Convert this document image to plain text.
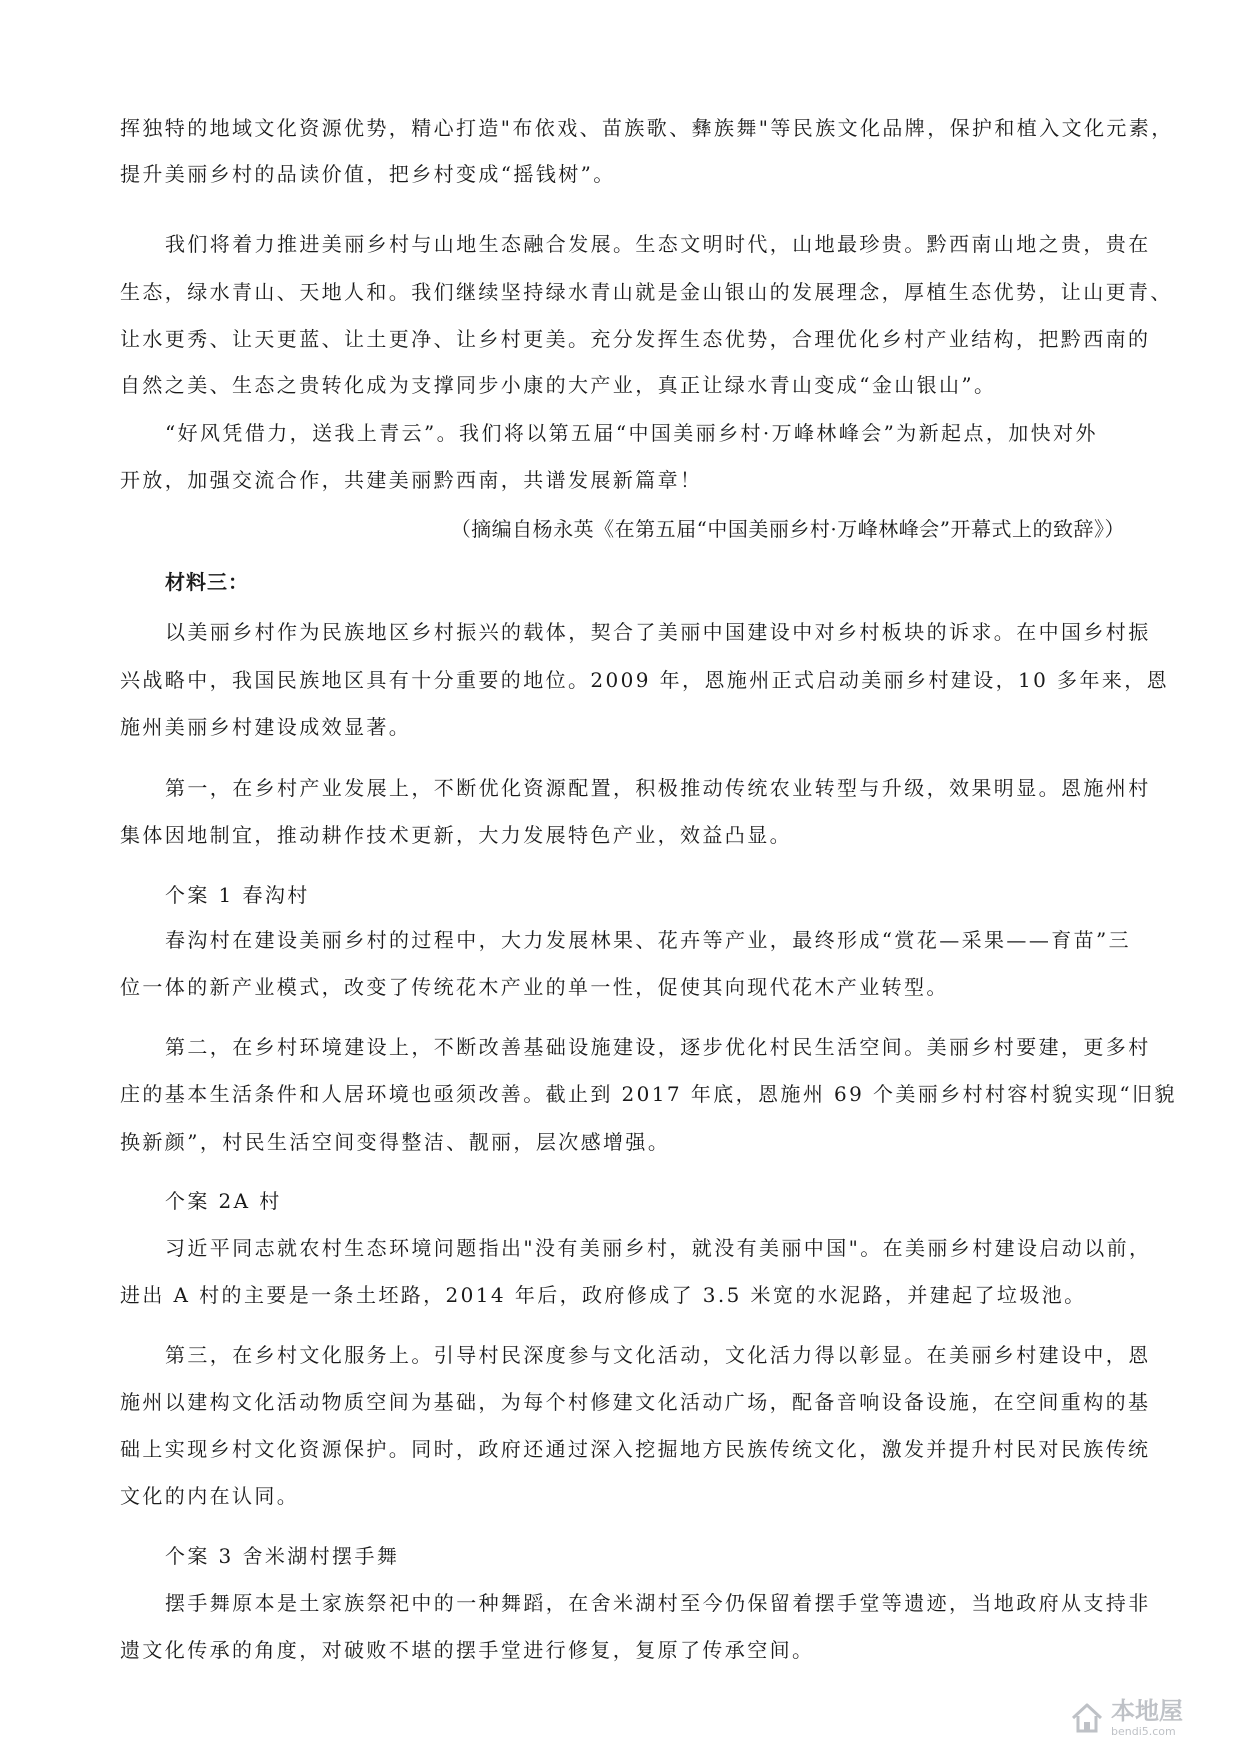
挥独特的地域文化资源优势，精心打造"布依戏、苗族歌、彝族舞"等民族文化品牌，保护和植入文化元素，
提升美丽乡村的品读价值，把乡村变成“摇钱树”。
我们将着力推进美丽乡村与山地生态融合发展。生态文明时代，山地最珍贵。黔西南山地之贵，贵在
生态，绿水青山、天地人和。我们继续坚持绿水青山就是金山银山的发展理念，厚植生态优势，让山更青、
让水更秀、让天更蓝、让土更净、让乡村更美。充分发挥生态优势，合理优化乡村产业结构，把黔西南的
自然之美、生态之贵转化成为支撑同步小康的大产业，真正让绿水青山变成“金山银山”。
“好风凭借力，送我上青云”。我们将以第五届“中国美丽乡村·万峰林峰会”为新起点，加快对外
开放，加强交流合作，共建美丽黔西南，共谱发展新篇章！
（摘编自杨永英《在第五届“中国美丽乡村·万峰林峰会”开幕式上的致辞》）
材料三：
以美丽乡村作为民族地区乡村振兴的载体，契合了美丽中国建设中对乡村板块的诉求。在中国乡村振
兴战略中，我国民族地区具有十分重要的地位。2009 年，恩施州正式启动美丽乡村建设，10 多年来，恩
施州美丽乡村建设成效显著。
第一，在乡村产业发展上，不断优化资源配置，积极推动传统农业转型与升级，效果明显。恩施州村
集体因地制宜，推动耕作技术更新，大力发展特色产业，效益凸显。
个案 1 春沟村
春沟村在建设美丽乡村的过程中，大力发展林果、花卉等产业，最终形成“赏花—采果——育苗”三
位一体的新产业模式，改变了传统花木产业的单一性，促使其向现代花木产业转型。
第二，在乡村环境建设上，不断改善基础设施建设，逐步优化村民生活空间。美丽乡村要建，更多村
庄的基本生活条件和人居环境也亟须改善。截止到 2017 年底，恩施州 69 个美丽乡村村容村貌实现“旧貌
换新颜”，村民生活空间变得整洁、靓丽，层次感增强。
个案 2A 村
习近平同志就农村生态环境问题指出"没有美丽乡村，就没有美丽中国"。在美丽乡村建设启动以前，
进出 A 村的主要是一条土坯路，2014 年后，政府修成了 3.5 米宽的水泥路，并建起了垃圾池。
第三，在乡村文化服务上。引导村民深度参与文化活动，文化活力得以彰显。在美丽乡村建设中，恩
施州以建构文化活动物质空间为基础，为每个村修建文化活动广场，配备音响设备设施，在空间重构的基
础上实现乡村文化资源保护。同时，政府还通过深入挖掘地方民族传统文化，激发并提升村民对民族传统
文化的内在认同。
个案 3 舍米湖村摆手舞
摆手舞原本是土家族祭祀中的一种舞蹈，在舍米湖村至今仍保留着摆手堂等遗迹，当地政府从支持非
遗文化传承的角度，对破败不堪的摆手堂进行修复，复原了传承空间。
本地屋
bendi5.com
